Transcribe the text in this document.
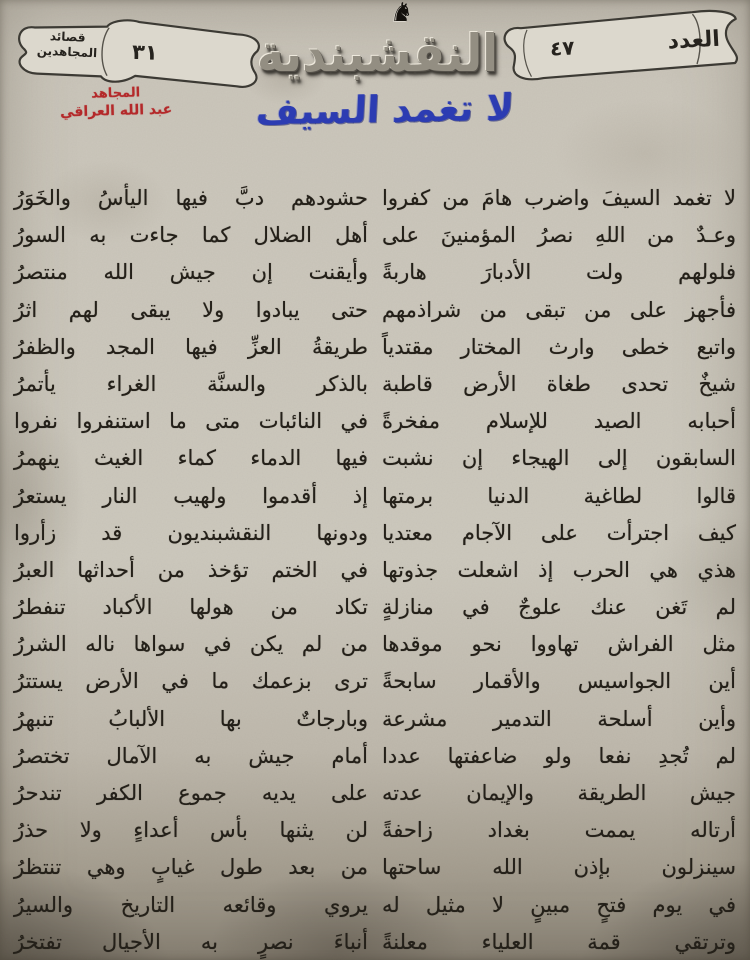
العدد
٤٧
♞
النقشبندية
٣١
قصائد
المجاهدين
المجاهد
عبد الله العراقي	لا تغمد السيف
لا تغمد السيفَ واضرب هامَ من كفروا
وعـدٌ من اللهِ نصرُ المؤمنينَ على
فلولهم ولت الأدبارَ هاربةً
فأجهز على من تبقى من شراذمهم
واتبع خطى وارث المختار مقتدياً
شيخٌ تحدى طغاة الأرض قاطبة
أحبابه الصيد للإسلام مفخرةً
السابقون إلى الهيجاء إن نشبت
قالوا لطاغية الدنيا برمتها
كيف اجترأت على الآجام معتديا
هذي هي الحرب إذ اشعلت جذوتها
لم تَغن عنك علوجٌ في منازلةٍ
مثل الفراش تهاووا نحو موقدها
أين الجواسيس والأقمار سابحةً
وأين أسلحة التدمير مشرعة
لم تُجدِ نفعا ولو ضاعفتها عددا
جيش الطريقة والإيمان عدته
أرتاله يممت بغداد زاحفةً
سينزلون بإذن الله ساحتها
في يوم فتحٍ مبينٍ لا مثيل له
وترتقي قمة العلياء معلنةً
حشودهم دبَّ فيها اليأسُ والخَوَرُ
أهل الضلال كما جاءت به السورُ
وأيقنت إن جيش الله منتصرُ
حتى يبادوا ولا يبقى لهم اثرُ
طريقةُ العزِّ فيها المجد والظفرُ
بالذكر والسنَّة الغراء يأتمرُ
في النائبات متى ما استنفروا نفروا
فيها الدماء كماء الغيث ينهمرُ
إذ أقدموا ولهيب النار يستعرُ
ودونها النقشبنديون قد زأروا
في الختم تؤخذ من أحداثها العبرُ
تكاد من هولها الأكباد تنفطرُ
من لم يكن في سواها ناله الشررُ
ترى بزعمك ما في الأرض يستترُ
وبارجاتٌ بها الألبابُ تنبهرُ
أمام جيش به الآمال تختصرُ
على يديه جموع الكفر تندحرُ
لن يثنها بأس أعداءٍ ولا حذرُ
من بعد طول غيابٍ وهي تنتظرُ
يروي وقائعه التاريخ والسيرُ
أنباءَ نصرٍ به الأجيال تفتخرُ
